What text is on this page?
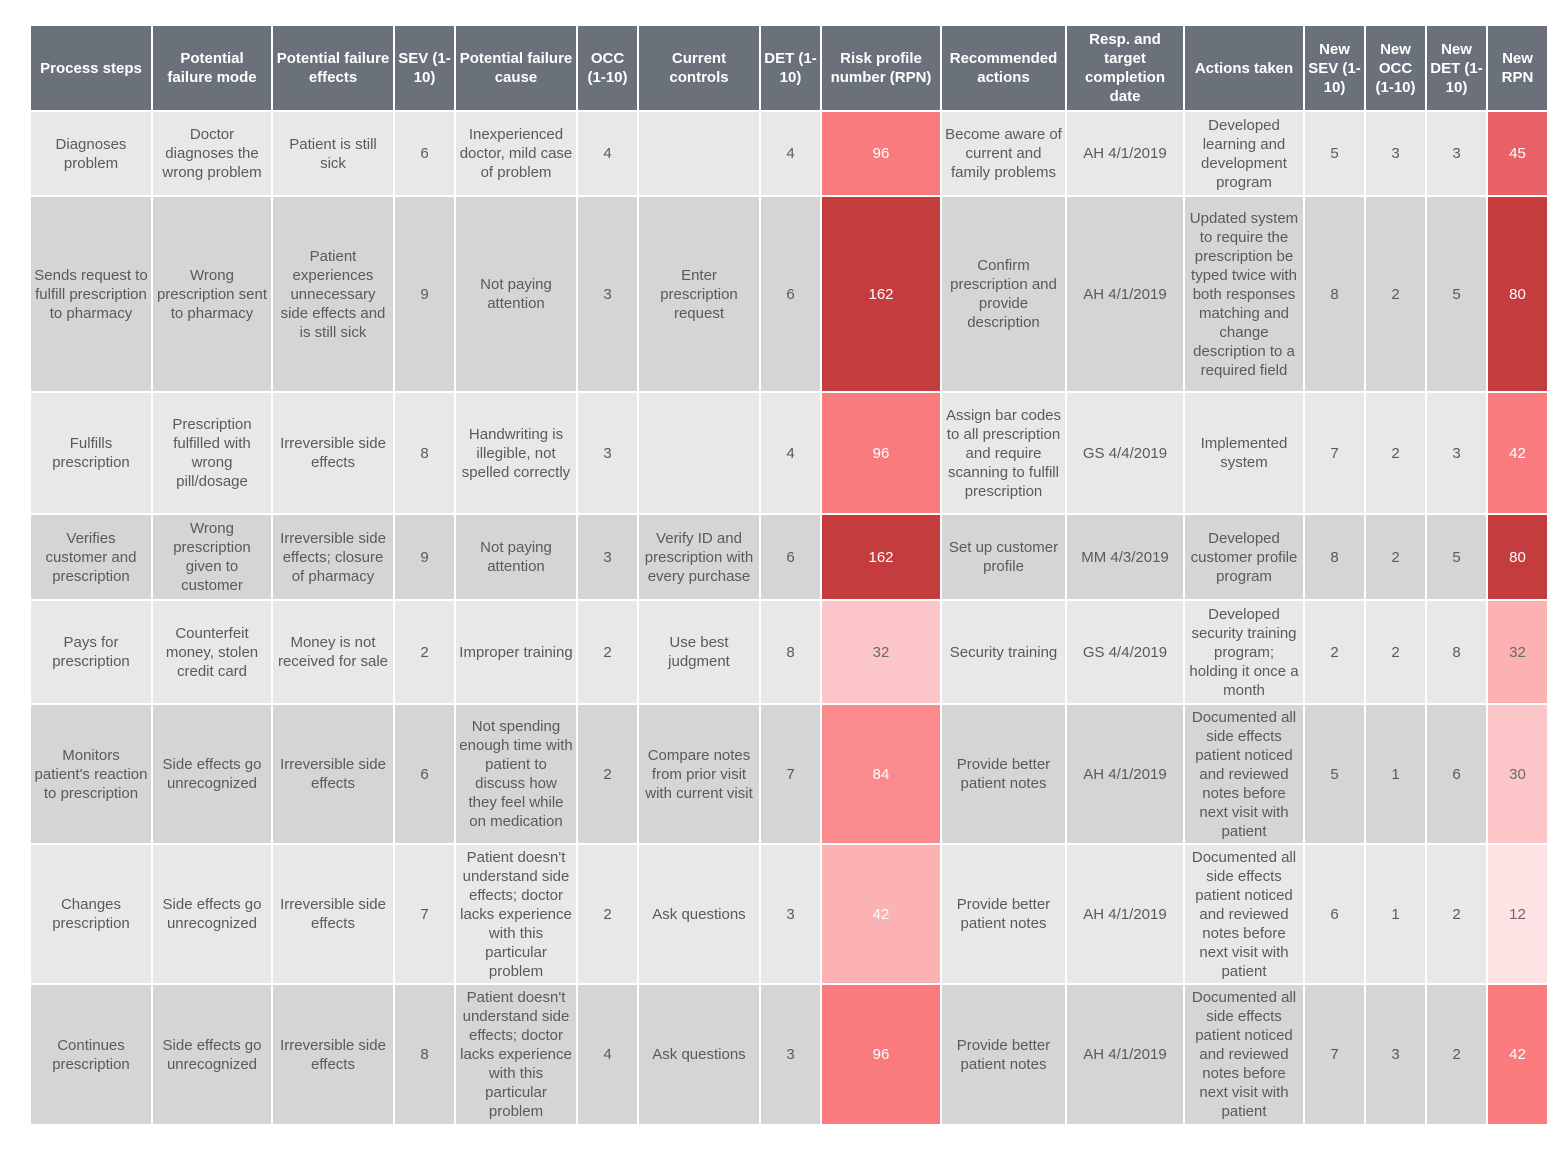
Process steps	Potential failure mode	Potential failure effects	SEV (1-10)	Potential failure cause	OCC (1-10)	Current controls	DET (1-10)	Risk profile number (RPN)	Recommended actions	Resp. and target completion date	Actions taken	New SEV (1-10)	New OCC (1-10)	New DET (1-10)	New RPN
Diagnoses problem	Doctor diagnoses the wrong problem	Patient is still sick	6	Inexperienced doctor, mild case of problem	4		4	96	Become aware of current and family problems	AH 4/1/2019	Developed learning and development program	5	3	3	45
Sends request to fulfill prescription to pharmacy	Wrong prescription sent to pharmacy	Patient experiences unnecessary side effects and is still sick	9	Not paying attention	3	Enter prescription request	6	162	Confirm prescription and provide description	AH 4/1/2019	Updated system to require the prescription be typed twice with both responses matching and change description to a required field	8	2	5	80
Fulfills prescription	Prescription fulfilled with wrong pill/dosage	Irreversible side effects	8	Handwriting is illegible, not spelled correctly	3		4	96	Assign bar codes to all prescription and require scanning to fulfill prescription	GS 4/4/2019	Implemented system	7	2	3	42
Verifies customer and prescription	Wrong prescription given to customer	Irreversible side effects; closure of pharmacy	9	Not paying attention	3	Verify ID and prescription with every purchase	6	162	Set up customer profile	MM 4/3/2019	Developed customer profile program	8	2	5	80
Pays for prescription	Counterfeit money, stolen credit card	Money is not received for sale	2	Improper training	2	Use best judgment	8	32	Security training	GS 4/4/2019	Developed security training program; holding it once a month	2	2	8	32
Monitors patient's reaction to prescription	Side effects go unrecognized	Irreversible side effects	6	Not spending enough time with patient to discuss how they feel while on medication	2	Compare notes from prior visit with current visit	7	84	Provide better patient notes	AH 4/1/2019	Documented all side effects patient noticed and reviewed notes before next visit with patient	5	1	6	30
Changes prescription	Side effects go unrecognized	Irreversible side effects	7	Patient doesn't understand side effects; doctor lacks experience with this particular problem	2	Ask questions	3	42	Provide better patient notes	AH 4/1/2019	Documented all side effects patient noticed and reviewed notes before next visit with patient	6	1	2	12
Continues prescription	Side effects go unrecognized	Irreversible side effects	8	Patient doesn't understand side effects; doctor lacks experience with this particular problem	4	Ask questions	3	96	Provide better patient notes	AH 4/1/2019	Documented all side effects patient noticed and reviewed notes before next visit with patient	7	3	2	42
